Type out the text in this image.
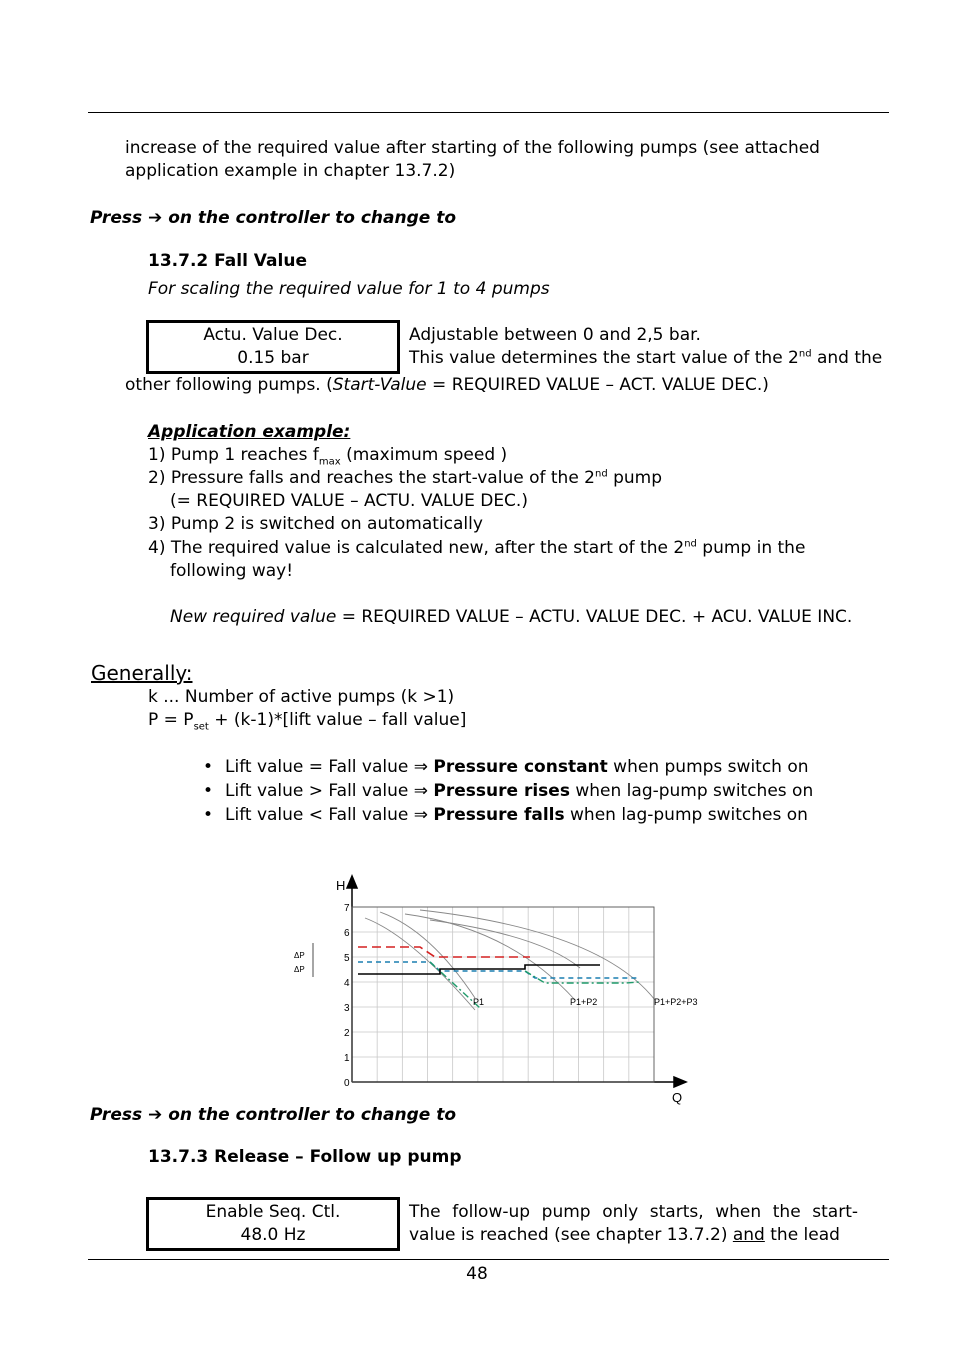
increase of the required value after starting of the following pumps (see attached
application example in chapter 13.7.2)
Press ➔ on the controller to change to
13.7.2 Fall Value
For scaling the required value for 1 to 4 pumps
Actu. Value Dec.
0.15 bar
Adjustable between 0 and 2,5 bar.
This value determines the start value of the 2nd and the
other following pumps. (Start-Value = REQUIRED VALUE – ACT. VALUE DEC.)
Application example:
1) Pump 1 reaches $f_{max}$ (maximum speed )
2) Pressure falls and reaches the start-value of the 2nd pump
(= REQUIRED VALUE – ACTU. VALUE DEC.)
3) Pump 2 is switched on automatically
4) The required value is calculated new, after the start of the 2nd pump in the
following way!
New required value = REQUIRED VALUE – ACTU. VALUE DEC. + ACU. VALUE INC.
Generally:
k ... Number of active pumps (k >1)
$P = P_{set}$ + (k-1)*[lift value – fall value]
• Lift value = Fall value ⇒ Pressure constant when pumps switch on
• Lift value > Fall value ⇒ Pressure rises when lag-pump switches on
• Lift value < Fall value ⇒ Pressure falls when lag-pump switches on
0
1
2
3
4
5
6
7
H
Q
ΔP
ΔP
P1	P1+P2	P1+P2+P3
Press ➔ on the controller to change to
13.7.3 Release – Follow up pump
Enable Seq. Ctl.
48.0 Hz
The follow-up pump only starts, when the start-
value is reached (see chapter 13.7.2) and the lead
48
